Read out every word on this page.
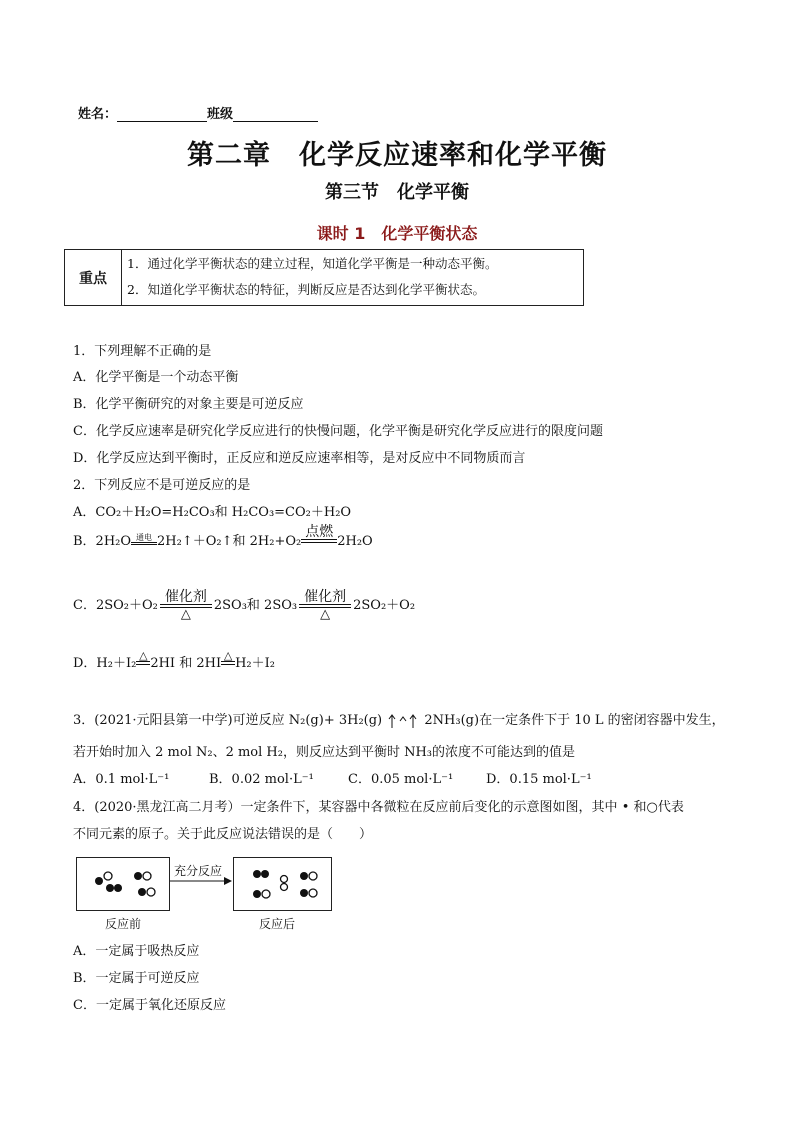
姓名：	班级
第二章　化学反应速率和化学平衡
第三节　化学平衡
课时 1　化学平衡状态
重点
1．通过化学平衡状态的建立过程，知道化学平衡是一种动态平衡。
2．知道化学平衡状态的特征，判断反应是否达到化学平衡状态。
1．下列理解不正确的是
A．化学平衡是一个动态平衡
B．化学平衡研究的对象主要是可逆反应
C．化学反应速率是研究化学反应进行的快慢问题，化学平衡是研究化学反应进行的限度问题
D．化学反应达到平衡时，正反应和逆反应速率相等，是对反应中不同物质而言
2．下列反应不是可逆反应的是
A．CO₂＋H₂O=H₂CO₃和 H₂CO₃=CO₂＋H₂O
B．2H₂O 通电 2H₂↑＋O₂↑和 2H₂+O₂
点燃
2H₂O
C．$2SO_2+O_2 \frac{\text{催化剂}}{\triangle} 2SO_3$和 $2SO_3 \frac{\text{催化剂}}{\triangle} 2SO_2+O_2$
D．H₂＋I₂
△
2HI 和 2HI
△
H₂＋I₂
3．(2021·元阳县第一中学)可逆反应 N₂(g)+ 3H₂(g)	2NH₃(g)在一定条件下于 10 L 的密闭容器中发生，
若开始时加入 2 mol N₂、2 mol H₂，则反应达到平衡时 NH₃的浓度不可能达到的值是
A．0.1 mol·L⁻¹	B．0.02 mol·L⁻¹	C．0.05 mol·L⁻¹	D．0.15 mol·L⁻¹
4．(2020·黑龙江高二月考）一定条件下，某容器中各微粒在反应前后变化的示意图如图，其中 • 和○代表
不同元素的原子。关于此反应说法错误的是（　　）
充分反应
反应前	反应后
A．一定属于吸热反应
B．一定属于可逆反应
C．一定属于氧化还原反应
